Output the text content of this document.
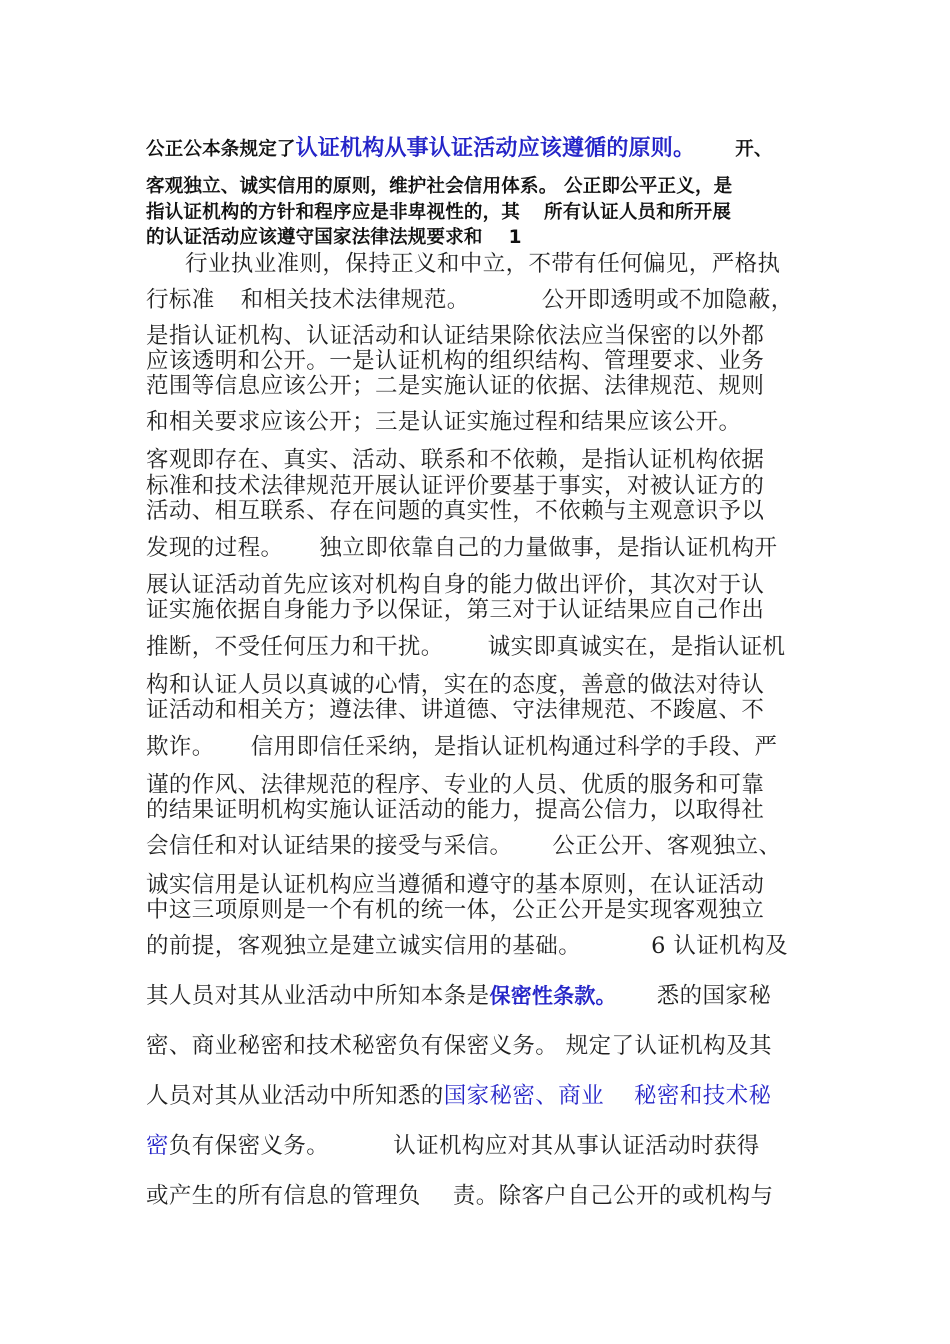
公正公本条规定了认证机构从事认证活动应该遵循的原则。 开、

客观独立、诚实信用的原则，维护社会信用体系。 公正即公平正义，是

指认证机构的方针和程序应是非卑视性的，其 所有认证人员和所开展

的认证活动应该遵守国家法律法规要求和 1

行业执业准则，保持正义和中立，不带有任何偏见，严格执

行标准 和相关技术法律规范。	公开即透明或不加隐蔽，

是指认证机构、认证活动和认证结果除依法应当保密的以外都

应该透明和公开。一是认证机构的组织结构、管理要求、业务

范围等信息应该公开；二是实施认证的依据、法律规范、规则

和相关要求应该公开；三是认证实施过程和结果应该公开。

客观即存在、真实、活动、联系和不依赖，是指认证机构依据

标准和技术法律规范开展认证评价要基于事实，对被认证方的

活动、相互联系、存在问题的真实性，不依赖与主观意识予以

发现的过程。 独立即依靠自己的力量做事，是指认证机构开

展认证活动首先应该对机构自身的能力做出评价，其次对于认

证实施依据自身能力予以保证，第三对于认证结果应自己作出

推断，不受任何压力和干扰。 诚实即真诚实在，是指认证机

构和认证人员以真诚的心情，实在的态度，善意的做法对待认

证活动和相关方；遵法律、讲道德、守法律规范、不踆扈、不

欺诈。 信用即信任采纳，是指认证机构通过科学的手段、严

谨的作风、法律规范的程序、专业的人员、优质的服务和可靠

的结果证明机构实施认证活动的能力，提高公信力，以取得社

会信任和对认证结果的接受与采信。 公正公开、客观独立、

诚实信用是认证机构应当遵循和遵守的基本原则，在认证活动

中这三项原则是一个有机的统一体，公正公开是实现客观独立

的前提，客观独立是建立诚实信用的基础。	6 认证机构及

其人员对其从业活动中所知本条是保密性条款。 悉的国家秘

密、商业秘密和技术秘密负有保密义务。 规定了认证机构及其

人员对其从业活动中所知悉的国家秘密、商业 秘密和技术秘

密负有保密义务。	认证机构应对其从事认证活动时获得

或产生的所有信息的管理负 责。除客户自己公开的或机构与
